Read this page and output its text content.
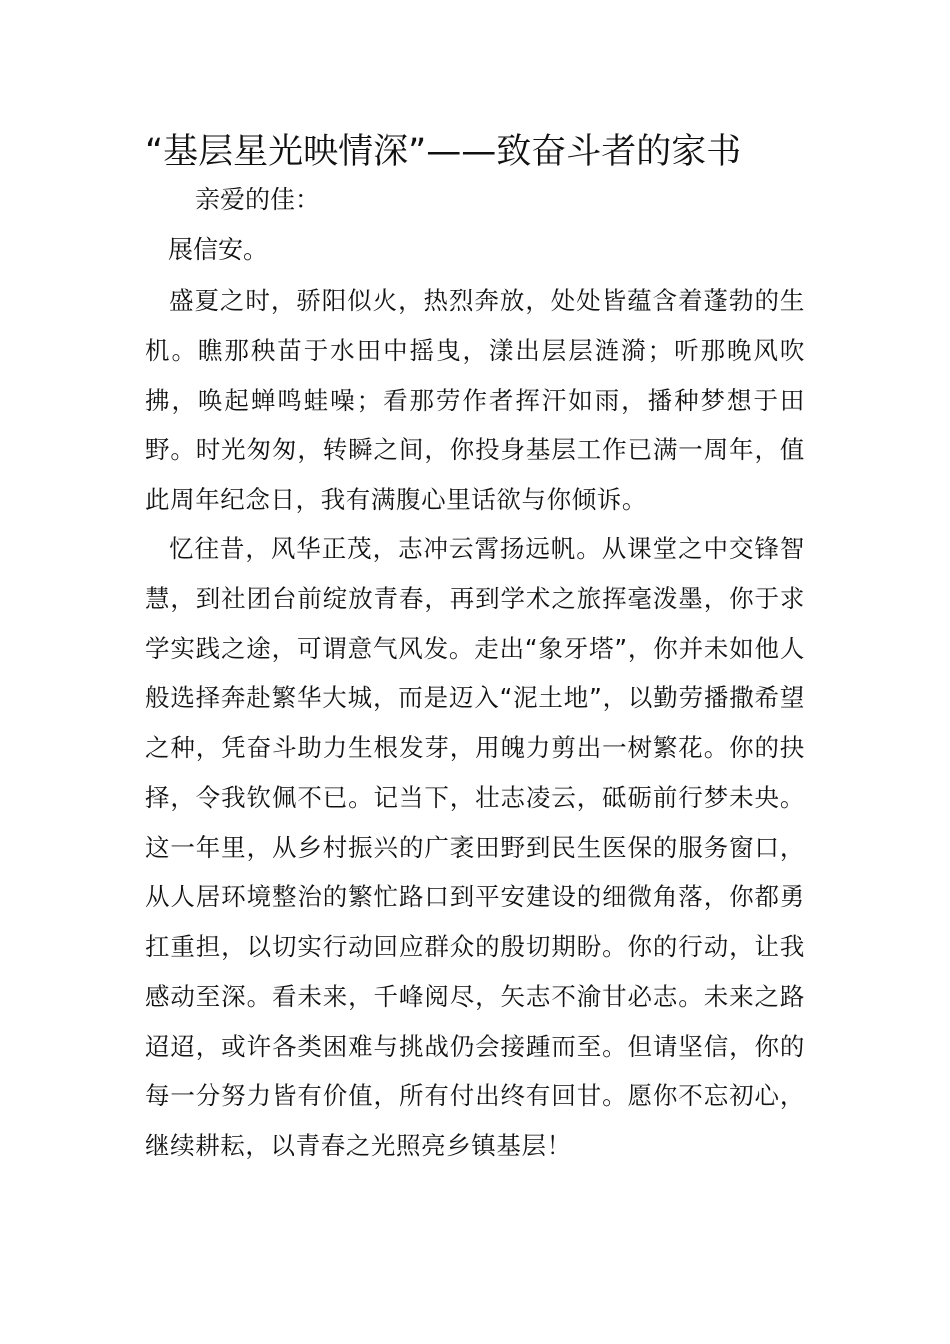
“基层星光映情深”——致奋斗者的家书
亲爱的佳：
展信安。

盛夏之时，骄阳似火，热烈奔放，处处皆蕴含着蓬勃的生机。瞧那秧苗于水田中摇曳，漾出层层涟漪；听那晚风吹拂，唤起蝉鸣蛙噪；看那劳作者挥汗如雨，播种梦想于田野。时光匆匆，转瞬之间，你投身基层工作已满一周年，值此周年纪念日，我有满腹心里话欲与你倾诉。

忆往昔，风华正茂，志冲云霄扬远帆。从课堂之中交锋智慧，到社团台前绽放青春，再到学术之旅挥毫泼墨，你于求学实践之途，可谓意气风发。走出“象牙塔”，你并未如他人般选择奔赴繁华大城，而是迈入“泥土地”，以勤劳播撒希望之种，凭奋斗助力生根发芽，用魄力剪出一树繁花。你的抉择，令我钦佩不已。记当下，壮志凌云，砥砺前行梦未央。这一年里，从乡村振兴的广袤田野到民生医保的服务窗口，从人居环境整治的繁忙路口到平安建设的细微角落，你都勇扛重担，以切实行动回应群众的殷切期盼。你的行动，让我感动至深。看未来，千峰阅尽，矢志不渝甘必志。未来之路迢迢，或许各类困难与挑战仍会接踵而至。但请坚信，你的每一分努力皆有价值，所有付出终有回甘。愿你不忘初心，继续耕耘，以青春之光照亮乡镇基层！
